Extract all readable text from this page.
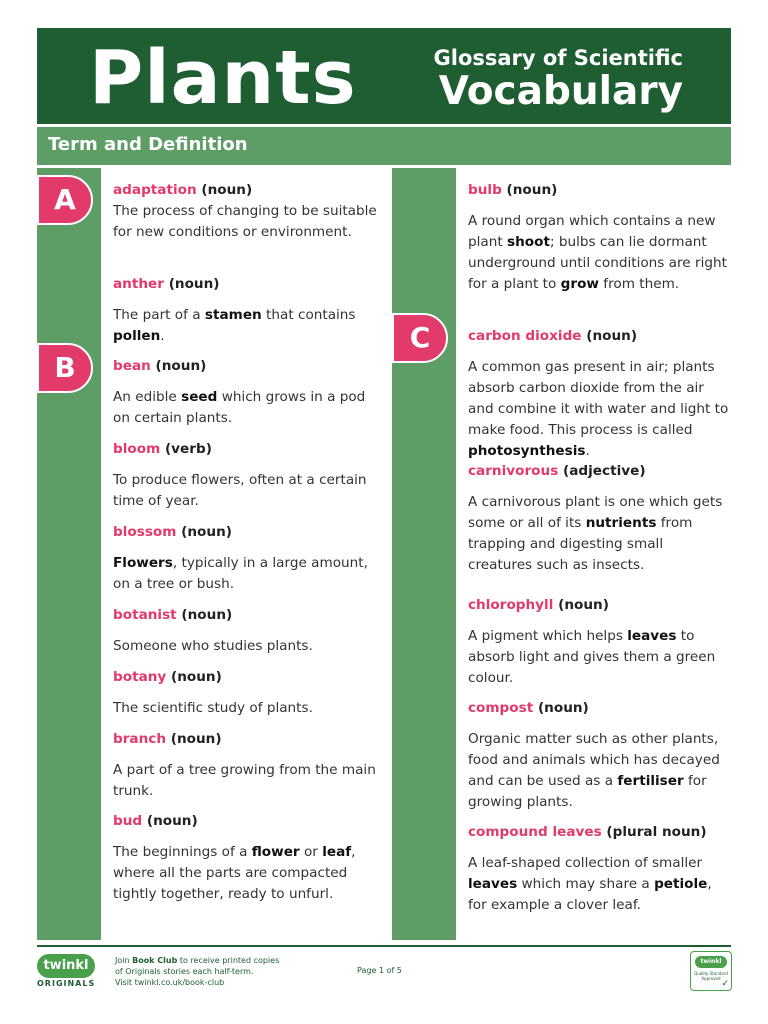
Plants	Glossary of Scientific
Vocabulary
Term and Definition
A
B
C
adaptation (noun)
The process of changing to be suitable for new conditions or environment.
anther (noun)
The part of a stamen that contains pollen.
bean (noun)
An edible seed which grows in a pod on certain plants.
bloom (verb)
To produce flowers, often at a certain time of year.
blossom (noun)
Flowers, typically in a large amount, on a tree or bush.
botanist (noun)
Someone who studies plants.
botany (noun)
The scientific study of plants.
branch (noun)
A part of a tree growing from the main trunk.
bud (noun)
The beginnings of a flower or leaf, where all the parts are compacted tightly together, ready to unfurl.
bulb (noun)
A round organ which contains a new plant shoot; bulbs can lie dormant underground until conditions are right for a plant to grow from them.
carbon dioxide (noun)
A common gas present in air; plants absorb carbon dioxide from the air and combine it with water and light to make food. This process is called photosynthesis.
carnivorous (adjective)
A carnivorous plant is one which gets some or all of its nutrients from trapping and digesting small creatures such as insects.
chlorophyll (noun)
A pigment which helps leaves to absorb light and gives them a green colour.
compost (noun)
Organic matter such as other plants, food and animals which has decayed and can be used as a fertiliser for growing plants.
compound leaves (plural noun)
A leaf-shaped collection of smaller leaves which may share a petiole, for example a clover leaf.
twinkl
ORIGINALS
Join Book Club to receive printed copies
of Originals stories each half-term.
Visit twinkl.co.uk/book-club
Page 1 of 5
twinkl
Quality Standard Approved
✓
